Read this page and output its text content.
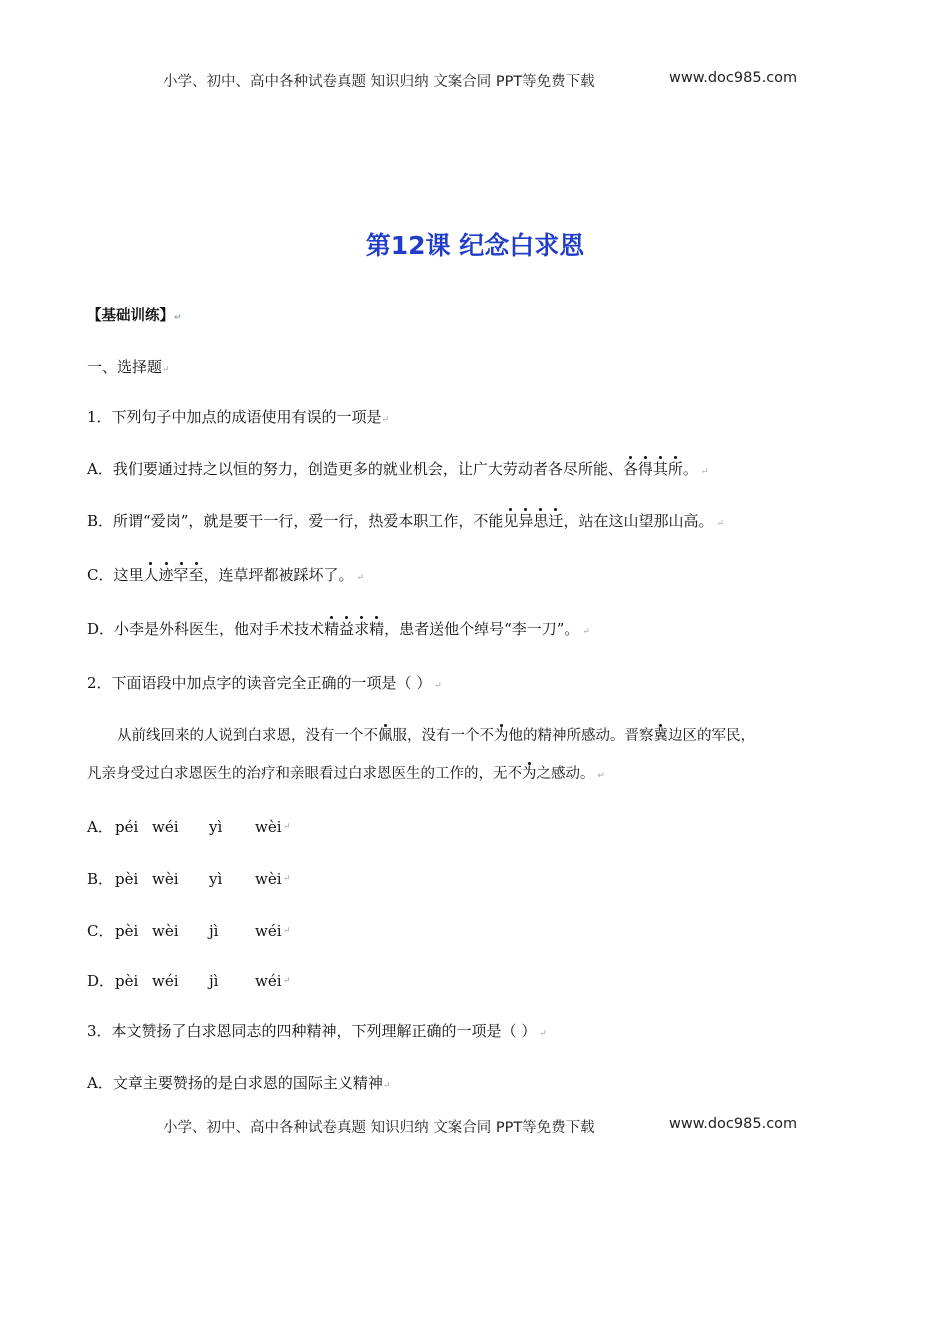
小学、初中、高中各种试卷真题 知识归纳 文案合同 PPT等免费下载	www.doc985.com
第12课 纪念白求恩
【基础训练】↵
一、选择题↵
1．下列句子中加点的成语使用有误的一项是↵
A．我们要通过持之以恒的努力，创造更多的就业机会，让广大劳动者各尽所能、各得其所。 ↵
B．所谓“爱岗”，就是要干一行，爱一行，热爱本职工作，不能见异思迁，站在这山望那山高。 ↵
C．这里人迹罕至，连草坪都被踩坏了。 ↵
D．小李是外科医生，他对手术技术精益求精，患者送他个绰号“李一刀”。 ↵
2．下面语段中加点字的读音完全正确的一项是（ ） ↵
从前线回来的人说到白求恩，没有一个不佩服，没有一个不为他的精神所感动。晋察冀边区的军民，
凡亲身受过白求恩医生的治疗和亲眼看过白求恩医生的工作的，无不为之感动。 ↵
A． péi wéi yì wèi ↵
B． pèi wèi yì wèi ↵
C． pèi wèi jì wéi ↵
D． pèi wéi jì wéi ↵
3．本文赞扬了白求恩同志的四种精神，下列理解正确的一项是（ ） ↵
A．文章主要赞扬的是白求恩的国际主义精神↵
小学、初中、高中各种试卷真题 知识归纳 文案合同 PPT等免费下载	www.doc985.com
